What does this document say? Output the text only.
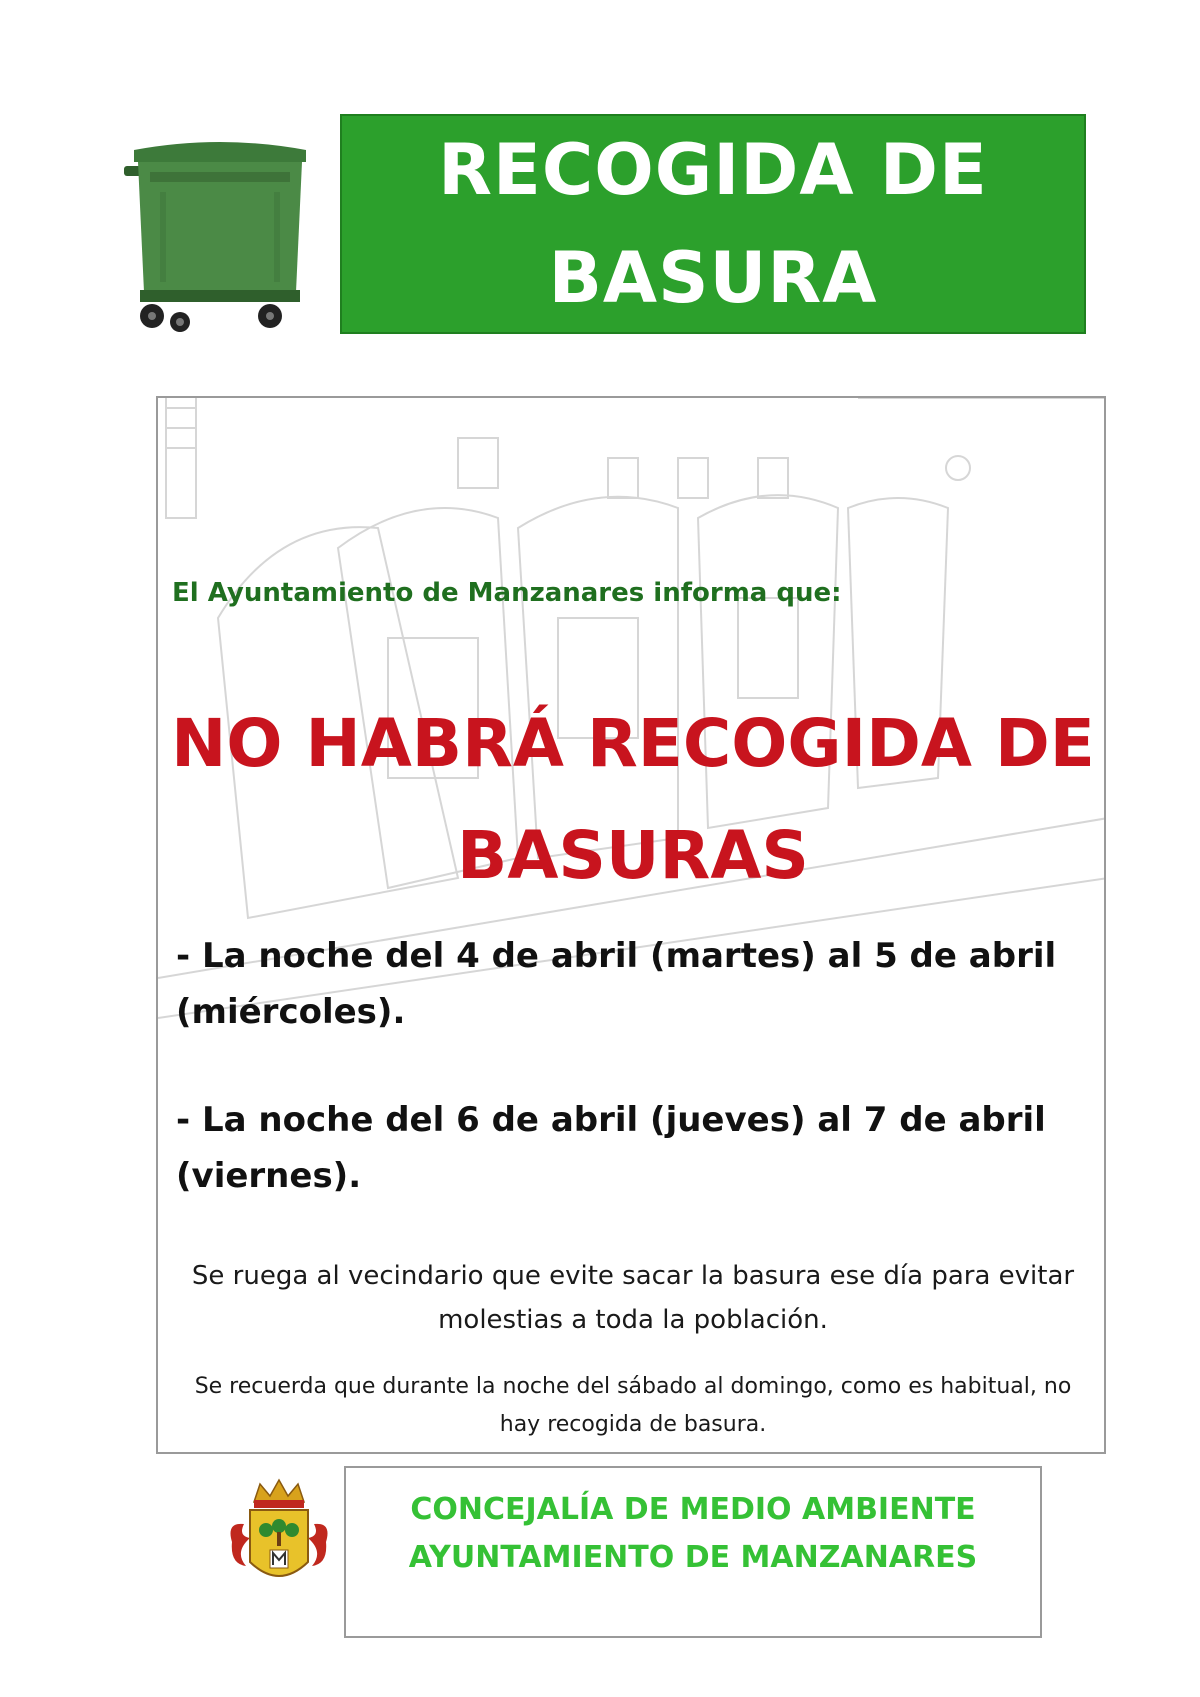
RECOGIDA DE BASURA

El Ayuntamiento de Manzanares informa que:

NO HABRÁ RECOGIDA DE BASURAS

- La noche del 4 de abril (martes) al 5 de abril (miércoles).

- La noche del 6 de abril (jueves) al 7 de abril (viernes).

Se ruega al vecindario que evite sacar la basura ese día para evitar molestias a toda la población.

Se recuerda que durante la noche del sábado al domingo, como es habitual, no hay recogida de basura.

CONCEJALÍA DE MEDIO AMBIENTE

AYUNTAMIENTO DE MANZANARES
